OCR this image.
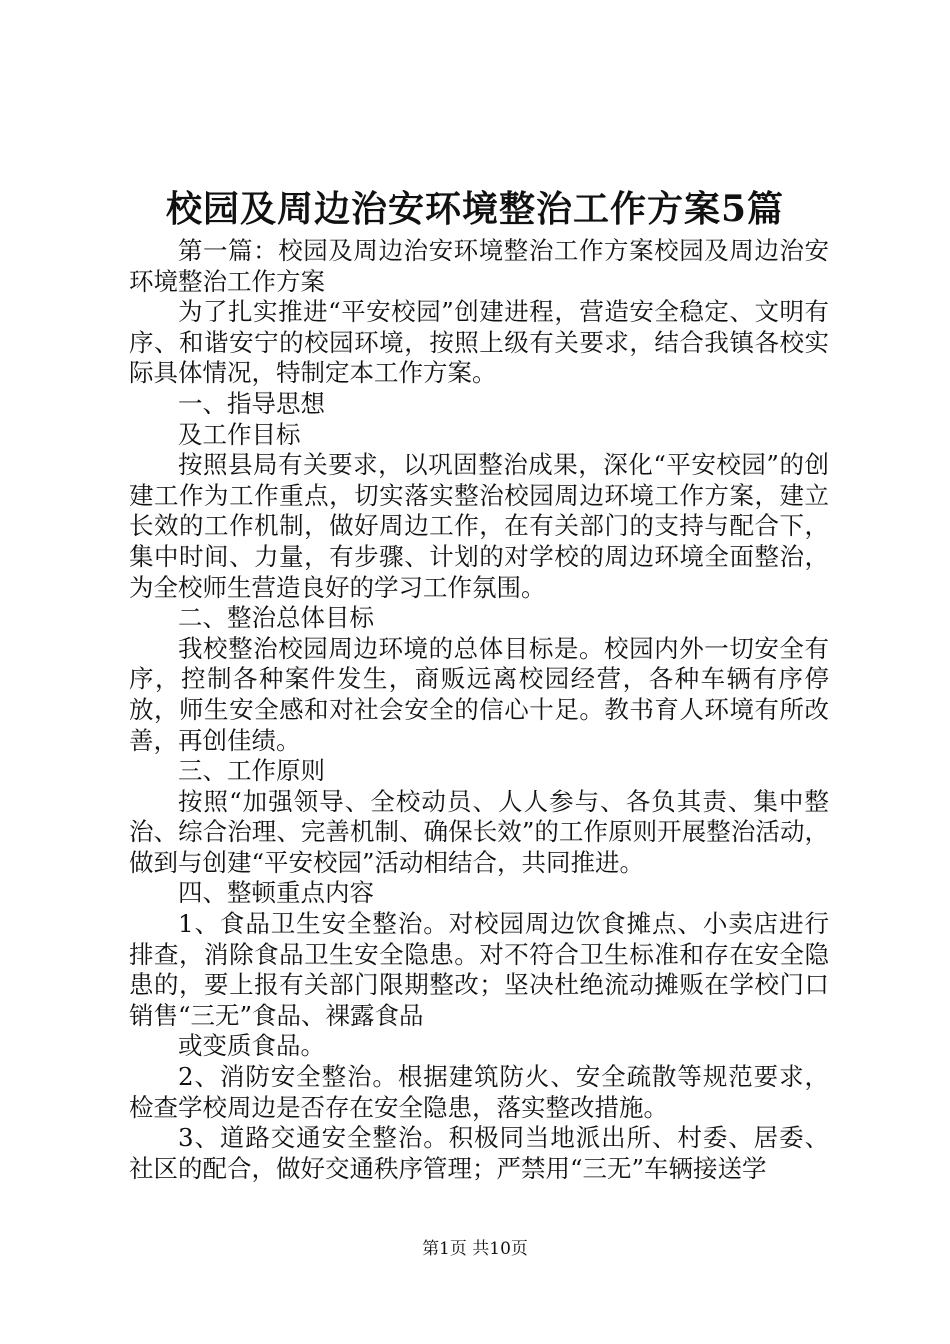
校园及周边治安环境整治工作方案5篇

第一篇：校园及周边治安环境整治工作方案校园及周边治安环境整治工作方案

为了扎实推进“平安校园”创建进程，营造安全稳定、文明有序、和谐安宁的校园环境，按照上级有关要求，结合我镇各校实际具体情况，特制定本工作方案。

一、指导思想

及工作目标

按照县局有关要求，以巩固整治成果，深化“平安校园”的创建工作为工作重点，切实落实整治校园周边环境工作方案，建立长效的工作机制，做好周边工作，在有关部门的支持与配合下，集中时间、力量，有步骤、计划的对学校的周边环境全面整治，为全校师生营造良好的学习工作氛围。

二、整治总体目标

我校整治校园周边环境的总体目标是。校园内外一切安全有序，控制各种案件发生，商贩远离校园经营，各种车辆有序停放，师生安全感和对社会安全的信心十足。教书育人环境有所改善，再创佳绩。

三、工作原则

按照“加强领导、全校动员、人人参与、各负其责、集中整治、综合治理、完善机制、确保长效”的工作原则开展整治活动，做到与创建“平安校园”活动相结合，共同推进。

四、整顿重点内容

1、食品卫生安全整治。对校园周边饮食摊点、小卖店进行排查，消除食品卫生安全隐患。对不符合卫生标准和存在安全隐患的，要上报有关部门限期整改；坚决杜绝流动摊贩在学校门口销售“三无”食品、裸露食品

或变质食品。

2、消防安全整治。根据建筑防火、安全疏散等规范要求，检查学校周边是否存在安全隐患，落实整改措施。

3、道路交通安全整治。积极同当地派出所、村委、居委、社区的配合，做好交通秩序管理；严禁用“三无”车辆接送学

第1页 共10页
